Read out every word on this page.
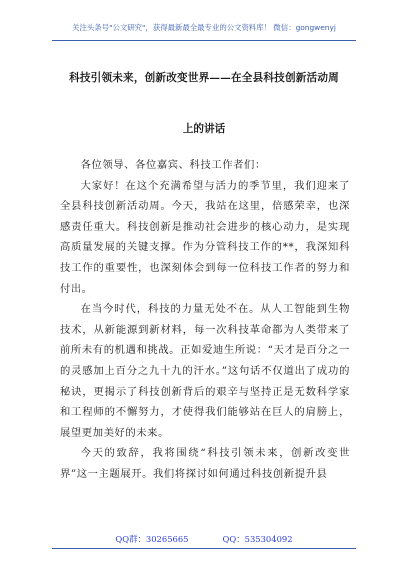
关注头条号"公文研究"，获得最新最全最专业的公文资料库！ 微信：gongwenyj
科技引领未来，创新改变世界——在全县科技创新活动周
上的讲话

各位领导、各位嘉宾、科技工作者们：

大家好！在这个充满希望与活力的季节里，我们迎来了全县科技创新活动周。今天，我站在这里，倍感荣幸，也深感责任重大。科技创新是推动社会进步的核心动力，是实现高质量发展的关键支撑。作为分管科技工作的**，我深知科技工作的重要性，也深刻体会到每一位科技工作者的努力和付出。

在当今时代，科技的力量无处不在。从人工智能到生物技术，从新能源到新材料，每一次科技革命都为人类带来了前所未有的机遇和挑战。正如爱迪生所说：“天才是百分之一的灵感加上百分之九十九的汗水。”这句话不仅道出了成功的秘诀，更揭示了科技创新背后的艰辛与坚持正是无数科学家和工程师的不懈努力，才使得我们能够站在巨人的肩膀上，展望更加美好的未来。

今天的致辞，我将围绕“科技引领未来，创新改变世界”这一主题展开。我们将探讨如何通过科技创新提升县

QQ群：30265665	QQ：535304092
